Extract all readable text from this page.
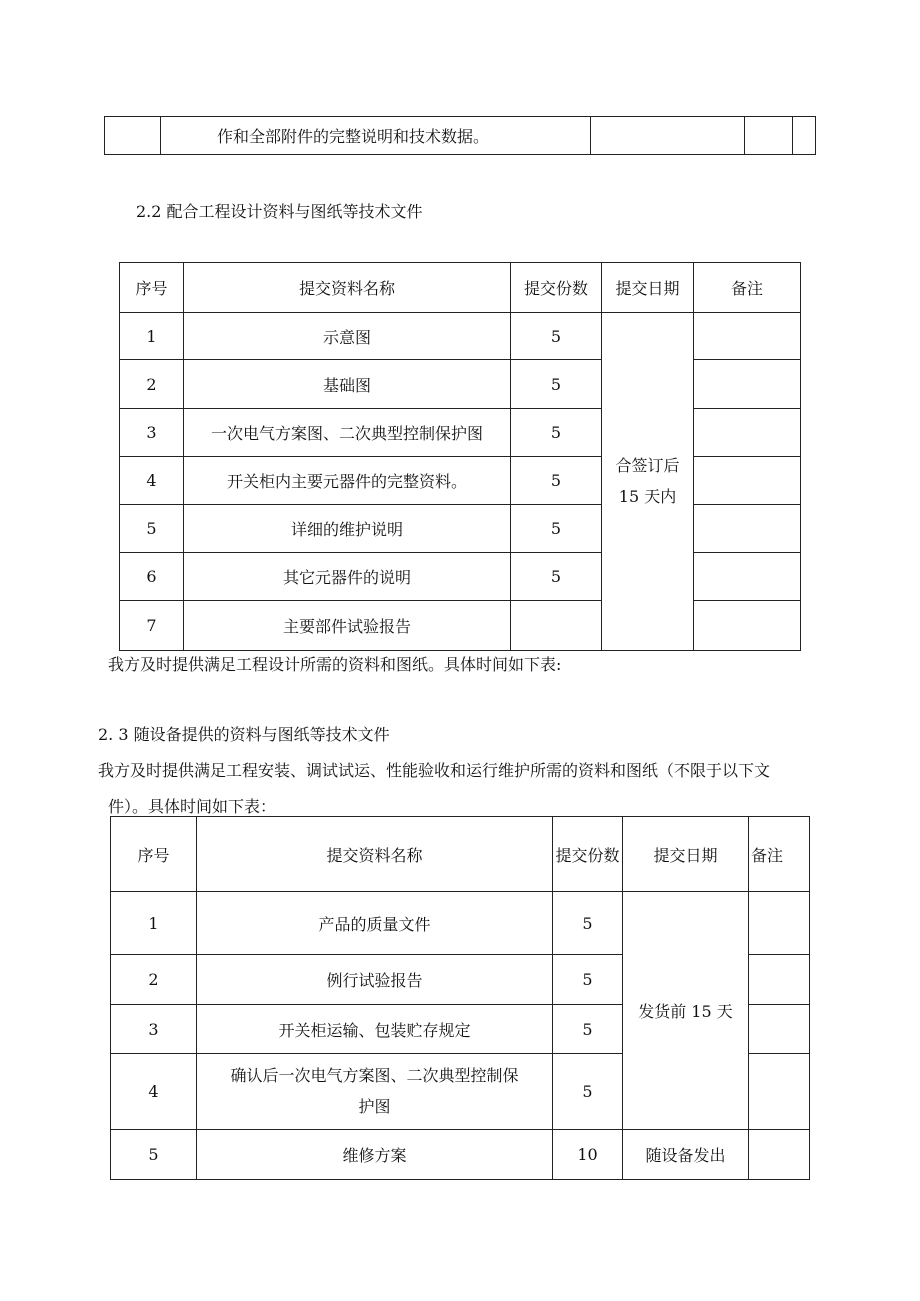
	作和全部附件的完整说明和技术数据。			
2.2 配合工程设计资料与图纸等技术文件
序号	提交资料名称	提交份数	提交日期	备注
1	示意图	5	合签订后
15 天内	

2	基础图	5		
3	一次电气方案图、二次典型控制保护图	5		
4	开关柜内主要元器件的完整资料。	5		
5	详细的维护说明	5		
6	其它元器件的说明	5		
7	主要部件试验报告			
我方及时提供满足工程设计所需的资料和图纸。具体时间如下表:
2. 3 随设备提供的资料与图纸等技术文件
我方及时提供满足工程安装、调试试运、性能验收和运行维护所需的资料和图纸（不限于以下文
件）。具体时间如下表：
序号	提交资料名称	提交份数	提交日期	备注
1	产品的质量文件	5	发货前 15 天	
2	例行试验报告	5		
3	开关柜运输、包装贮存规定	5		
4	确认后一次电气方案图、二次典型控制保
护图	5		
5	维修方案	10	随设备发出	
